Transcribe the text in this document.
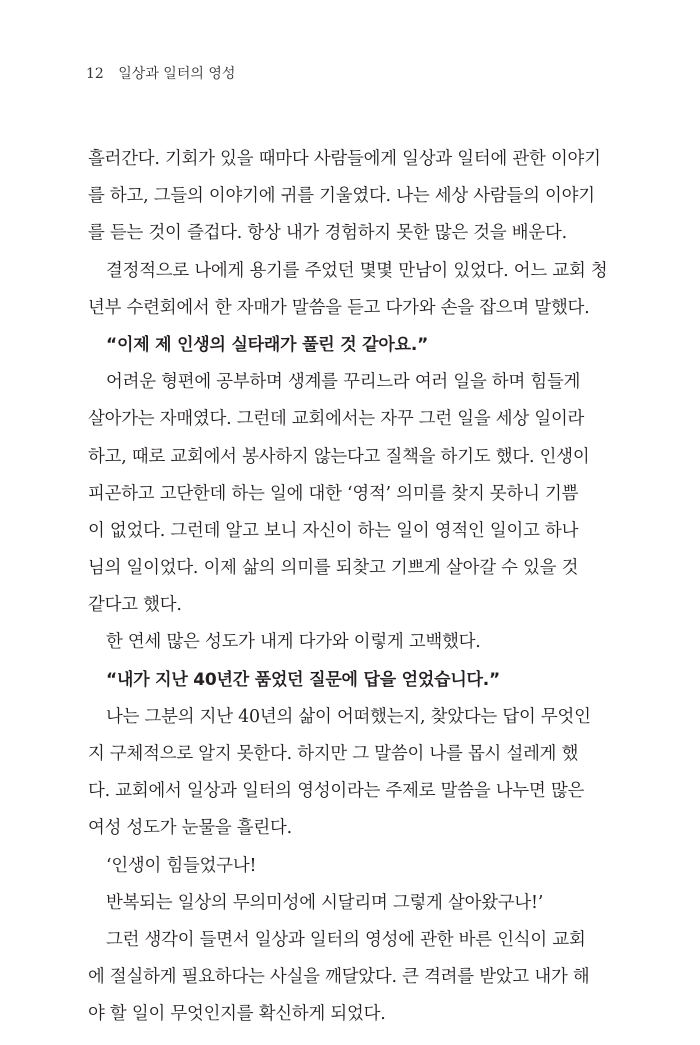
12 일상과 일터의 영성
흘러간다. 기회가 있을 때마다 사람들에게 일상과 일터에 관한 이야기
를 하고, 그들의 이야기에 귀를 기울였다. 나는 세상 사람들의 이야기
를 듣는 것이 즐겁다. 항상 내가 경험하지 못한 많은 것을 배운다.
결정적으로 나에게 용기를 주었던 몇몇 만남이 있었다. 어느 교회 청
년부 수련회에서 한 자매가 말씀을 듣고 다가와 손을 잡으며 말했다.
“이제 제 인생의 실타래가 풀린 것 같아요.”
어려운 형편에 공부하며 생계를 꾸리느라 여러 일을 하며 힘들게
살아가는 자매였다. 그런데 교회에서는 자꾸 그런 일을 세상 일이라
하고, 때로 교회에서 봉사하지 않는다고 질책을 하기도 했다. 인생이
피곤하고 고단한데 하는 일에 대한 ‘영적’ 의미를 찾지 못하니 기쁨
이 없었다. 그런데 알고 보니 자신이 하는 일이 영적인 일이고 하나
님의 일이었다. 이제 삶의 의미를 되찾고 기쁘게 살아갈 수 있을 것
같다고 했다.
한 연세 많은 성도가 내게 다가와 이렇게 고백했다.
“내가 지난 40년간 품었던 질문에 답을 얻었습니다.”
나는 그분의 지난 40년의 삶이 어떠했는지, 찾았다는 답이 무엇인
지 구체적으로 알지 못한다. 하지만 그 말씀이 나를 몹시 설레게 했
다. 교회에서 일상과 일터의 영성이라는 주제로 말씀을 나누면 많은
여성 성도가 눈물을 흘린다.
‘인생이 힘들었구나!
반복되는 일상의 무의미성에 시달리며 그렇게 살아왔구나!’
그런 생각이 들면서 일상과 일터의 영성에 관한 바른 인식이 교회
에 절실하게 필요하다는 사실을 깨달았다. 큰 격려를 받았고 내가 해
야 할 일이 무엇인지를 확신하게 되었다.
